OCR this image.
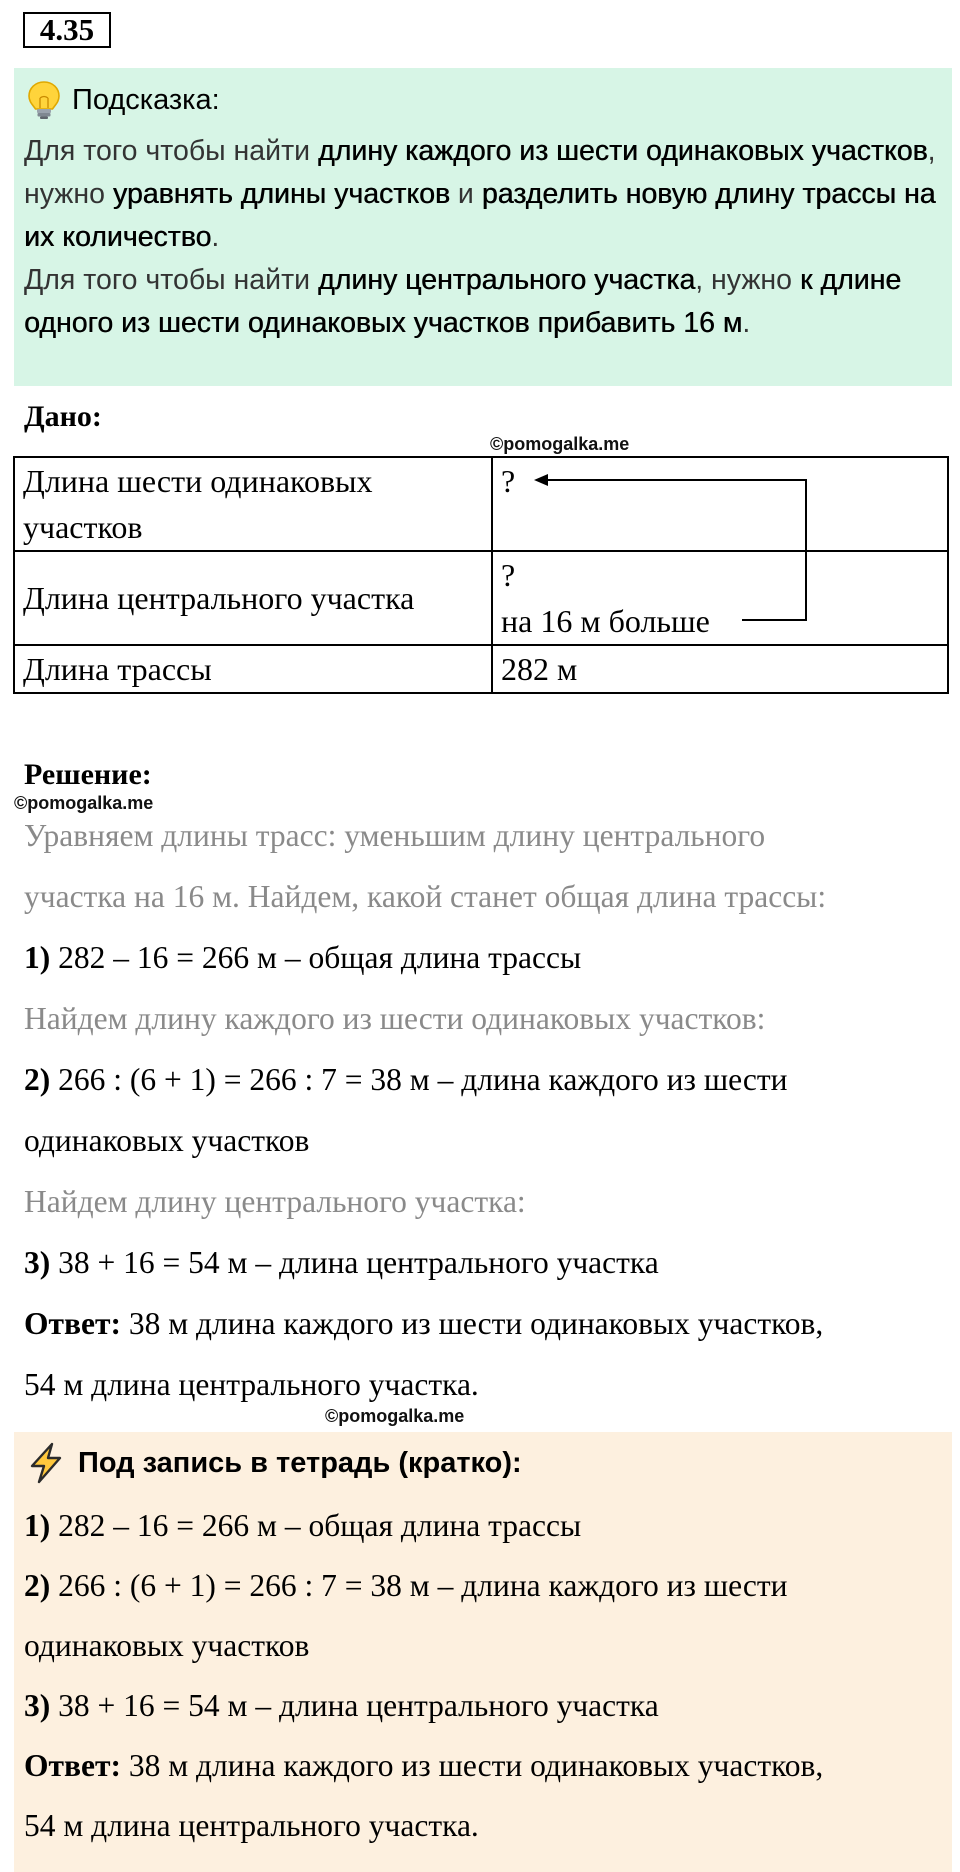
4.35
Подсказка:
Для того чтобы найти длину каждого из шести одинаковых участков, нужно уравнять длины участков и разделить новую длину трассы на их количество.
Для того чтобы найти длину центрального участка, нужно к длине одного из шести одинаковых участков прибавить 16 м.
Дано:
©pomogalka.me
Длина шести одинаковых
участков	?

Длина центрального участка	?
на 16 м больше

Длина трассы	282 м
Решение:
©pomogalka.me
Уравняем длины трасс: уменьшим длину центрального
участка на 16 м. Найдем, какой станет общая длина трассы:
1) 282 – 16 = 266 м – общая длина трассы
Найдем длину каждого из шести одинаковых участков:
2) 266 : (6 + 1) = 266 : 7 = 38 м – длина каждого из шести
одинаковых участков
Найдем длину центрального участка:
3) 38 + 16 = 54 м – длина центрального участка
Ответ: 38 м длина каждого из шести одинаковых участков,
54 м длина центрального участка.
©pomogalka.me
Под запись в тетрадь (кратко):
1) 282 – 16 = 266 м – общая длина трассы
2) 266 : (6 + 1) = 266 : 7 = 38 м – длина каждого из шести
одинаковых участков
3) 38 + 16 = 54 м – длина центрального участка
Ответ: 38 м длина каждого из шести одинаковых участков,
54 м длина центрального участка.
